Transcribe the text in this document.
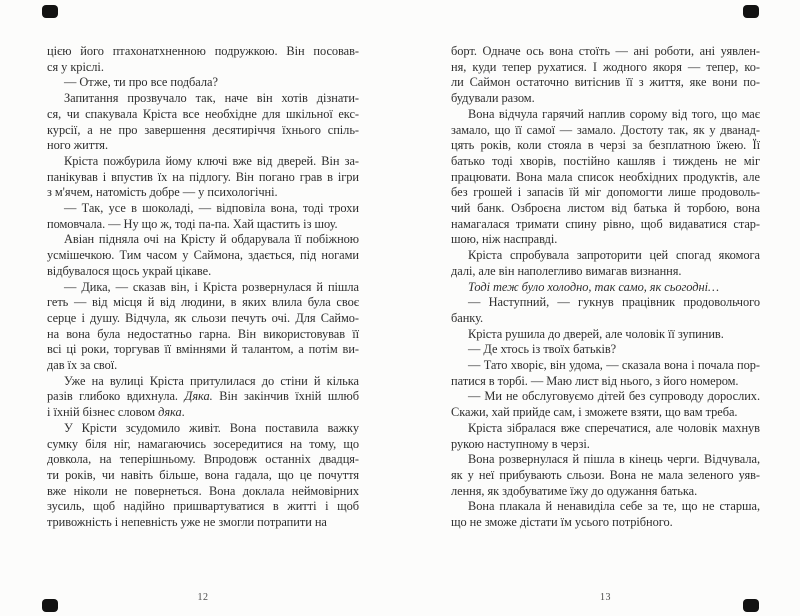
цією його птахонатхненною подружкою. Він посовав-
ся у кріслі.
— Отже, ти про все подбала?
Запитання прозвучало так, наче він хотів дізнати-
ся, чи спакувала Кріста все необхідне для шкільної екс-
курсії, а не про завершення десятиріччя їхнього спіль-
ного життя.
Кріста пожбурила йому ключі вже від дверей. Він за-
панікував і впустив їх на підлогу. Він погано грав в ігри
з м'ячем, натомість добре — у психологічні.
— Так, усе в шоколаді, — відповіла вона, тоді трохи
помовчала. — Ну що ж, тоді па-па. Хай щастить із шоу.
Авіан підняла очі на Крісту й обдарувала її побіжною
усмішечкою. Тим часом у Саймона, здається, під ногами
відбувалося щось украй цікаве.
— Дика, — сказав він, і Кріста розвернулася й пішла
геть — від місця й від людини, в яких влила була своє
серце і душу. Відчула, як сльози печуть очі. Для Саймо-
на вона була недостатньо гарна. Він використовував її
всі ці роки, торгував її вміннями й талантом, а потім ви-
дав їх за свої.
Уже на вулиці Кріста притулилася до стіни й кілька
разів глибоко вдихнула. Дяка. Він закінчив їхній шлюб
і їхній бізнес словом дяка.
У Крісти зсудомило живіт. Вона поставила важку
сумку біля ніг, намагаючись зосередитися на тому, що
довкола, на теперішньому. Впродовж останніх двадця-
ти років, чи навіть більше, вона гадала, що це почуття
вже ніколи не повернеться. Вона доклала неймовірних
зусиль, щоб надійно пришвартуватися в житті і щоб
тривожність і непевність уже не змогли потрапити на
12
борт. Одначе ось вона стоїть — ані роботи, ані уявлен-
ня, куди тепер рухатися. І жодного якоря — тепер, ко-
ли Саймон остаточно витіснив її з життя, яке вони по-
будували разом.
Вона відчула гарячий наплив сорому від того, що має
замало, що її самої — замало. Достоту так, як у дванад-
цять років, коли стояла в черзі за безплатною їжею. Її
батько тоді хворів, постійно кашляв і тиждень не міг
працювати. Вона мала список необхідних продуктів, але
без грошей і запасів їй міг допомогти лише продоволь-
чий банк. Озброєна листом від батька й торбою, вона
намагалася тримати спину рівно, щоб видаватися стар-
шою, ніж насправді.
Кріста спробувала запроторити цей спогад якомога
далі, але він наполегливо вимагав визнання.
Тоді теж було холодно, так само, як сьогодні…
— Наступний, — гукнув працівник продовольчого
банку.
Кріста рушила до дверей, але чоловік її зупинив.
— Де хтось із твоїх батьків?
— Тато хворіє, він удома, — сказала вона і почала пор-
патися в торбі. — Маю лист від нього, з його номером.
— Ми не обслуговуємо дітей без супроводу дорослих.
Скажи, хай прийде сам, і зможете взяти, що вам треба.
Кріста зібралася вже сперечатися, але чоловік махнув
рукою наступному в черзі.
Вона розвернулася й пішла в кінець черги. Відчувала,
як у неї прибувають сльози. Вона не мала зеленого уяв-
лення, як здобуватиме їжу до одужання батька.
Вона плакала й ненавиділа себе за те, що не старша,
що не зможе дістати їм усього потрібного.
13
